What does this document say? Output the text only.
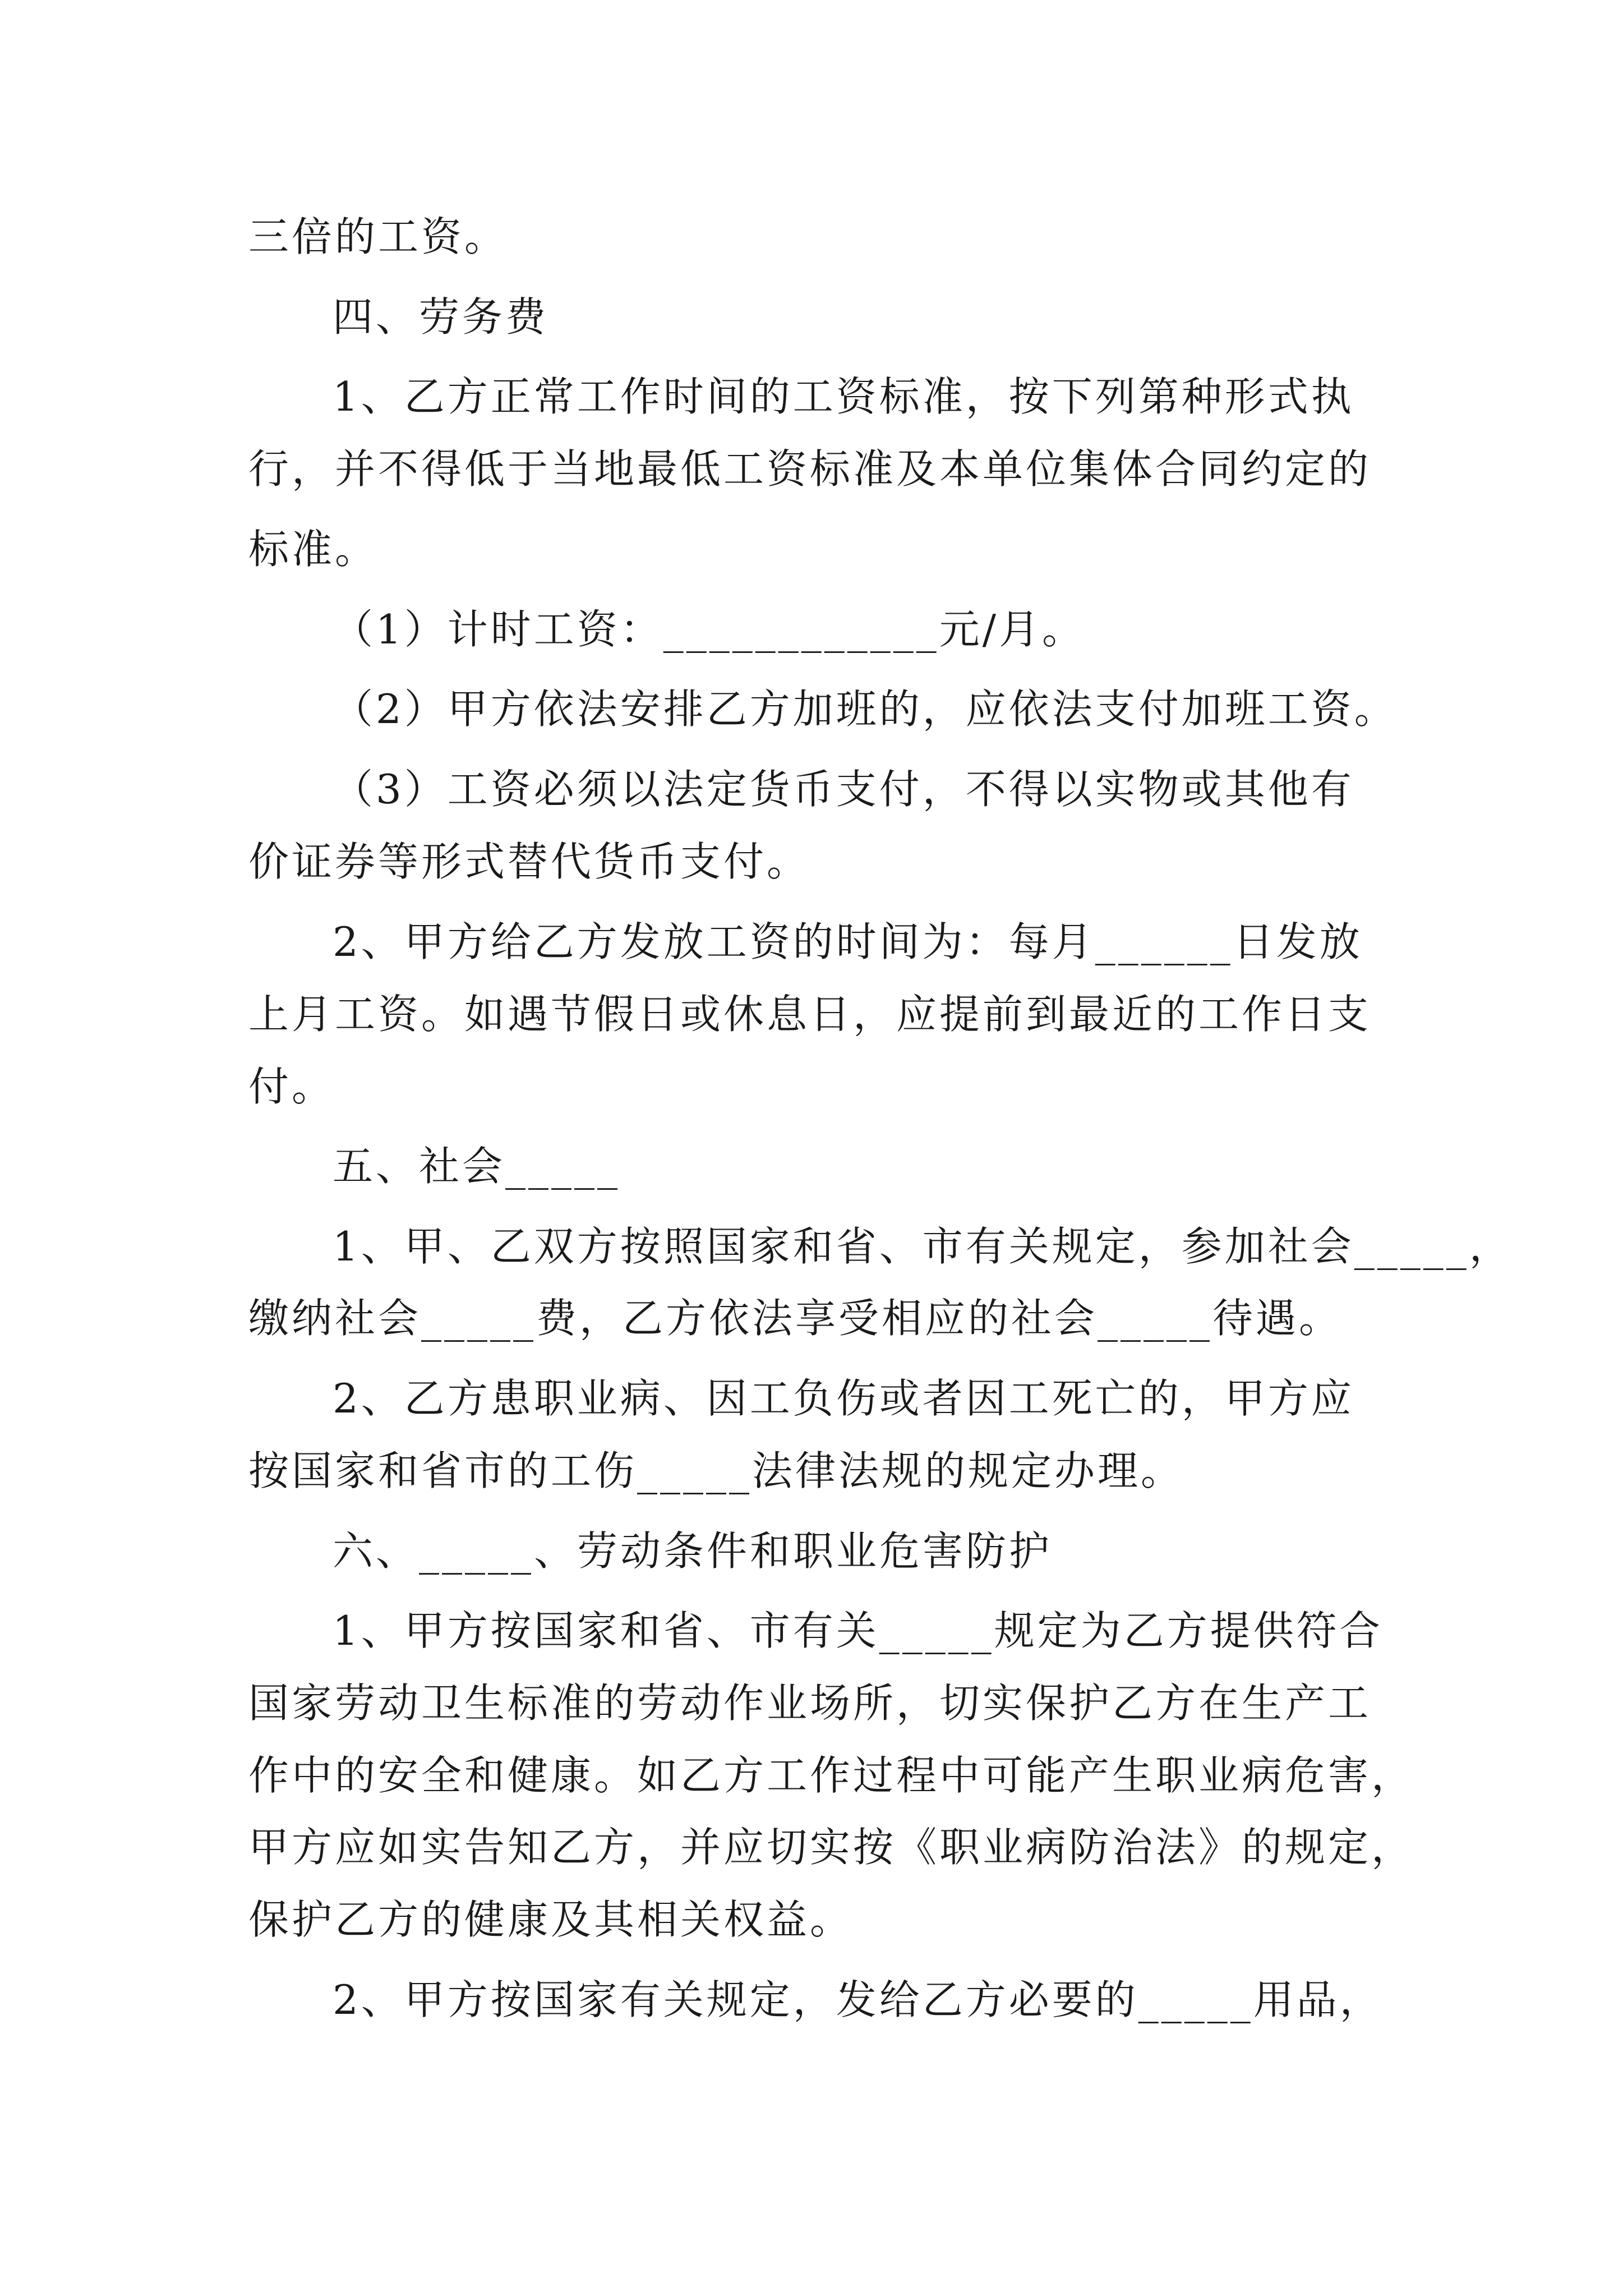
三倍的工资。

四、劳务费

1、乙方正常工作时间的工资标准，按下列第种形式执

行，并不得低于当地最低工资标准及本单位集体合同约定的

标准。

（1）计时工资：____________元/月。

（2）甲方依法安排乙方加班的，应依法支付加班工资。

（3）工资必须以法定货币支付，不得以实物或其他有

价证券等形式替代货币支付。

2、甲方给乙方发放工资的时间为：每月______日发放

上月工资。如遇节假日或休息日，应提前到最近的工作日支

付。

五、社会_____

1、甲、乙双方按照国家和省、市有关规定，参加社会_____，

缴纳社会_____费，乙方依法享受相应的社会_____待遇。

2、乙方患职业病、因工负伤或者因工死亡的，甲方应

按国家和省市的工伤_____法律法规的规定办理。

六、_____、劳动条件和职业危害防护

1、甲方按国家和省、市有关_____规定为乙方提供符合

国家劳动卫生标准的劳动作业场所，切实保护乙方在生产工

作中的安全和健康。如乙方工作过程中可能产生职业病危害，

甲方应如实告知乙方，并应切实按《职业病防治法》的规定，

保护乙方的健康及其相关权益。

2、甲方按国家有关规定，发给乙方必要的_____用品，
